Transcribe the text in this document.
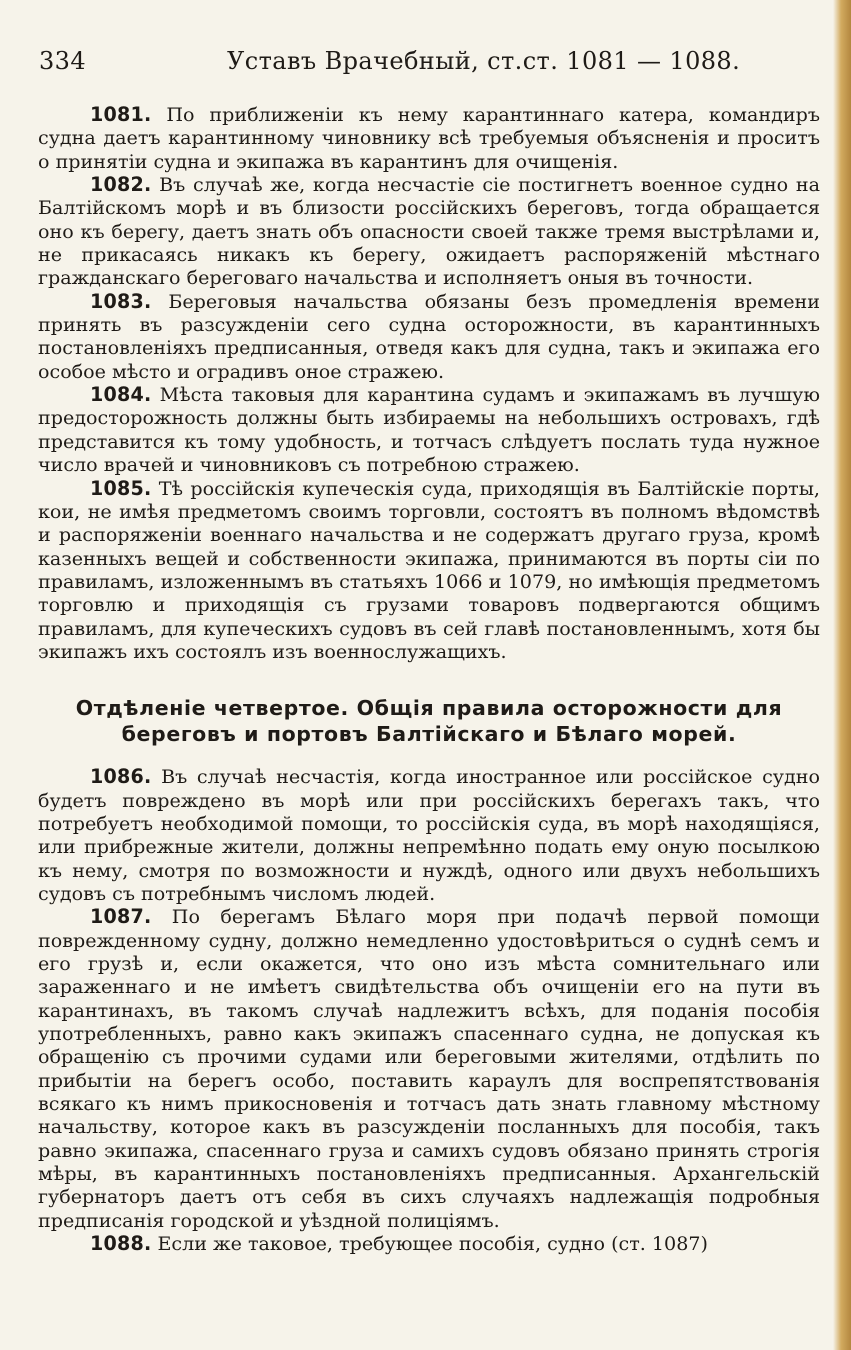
334	Уставъ Врачебный, ст.ст. 1081 — 1088.

1081. По приближеніи къ нему карантиннаго катера, командиръ судна даетъ карантинному чиновнику всѣ требуемыя объясненія и проситъ о принятіи судна и экипажа въ карантинъ для очищенія.

1082. Въ случаѣ же, когда несчастіе сіе постигнетъ военное судно на Балтійскомъ морѣ и въ близости россійскихъ береговъ, тогда обращается оно къ берегу, даетъ знать объ опасности своей также тремя выстрѣлами и, не прикасаясь никакъ къ берегу, ожидаетъ распоряженій мѣстнаго гражданскаго береговаго начальства и исполняетъ оныя въ точности.

1083. Береговыя начальства обязаны безъ промедленія времени принять въ разсужденіи сего судна осторожности, въ карантинныхъ постановленіяхъ предписанныя, отведя какъ для судна, такъ и экипажа его особое мѣсто и оградивъ оное стражею.

1084. Мѣста таковыя для карантина судамъ и экипажамъ въ лучшую предосторожность должны быть избираемы на небольшихъ островахъ, гдѣ представится къ тому удобность, и тотчасъ слѣдуетъ послать туда нужное число врачей и чиновниковъ съ потребною стражею.

1085. Тѣ россійскія купеческія суда, приходящія въ Балтійскіе порты, кои, не имѣя предметомъ своимъ торговли, состоятъ въ полномъ вѣдомствѣ и распоряженіи военнаго начальства и не содержатъ другаго груза, кромѣ казенныхъ вещей и собственности экипажа, принимаются въ порты сіи по правиламъ, изложеннымъ въ статьяхъ 1066 и 1079, но имѣющія предметомъ торговлю и приходящія съ грузами товаровъ подвергаются общимъ правиламъ, для купеческихъ судовъ въ сей главѣ постановленнымъ, хотя бы экипажъ ихъ состоялъ изъ военнослужащихъ.

Отдѣленіе четвертое. Общія правила осторожности для
береговъ и портовъ Балтійскаго и Бѣлаго морей.

1086. Въ случаѣ несчастія, когда иностранное или россійское судно будетъ повреждено въ морѣ или при россійскихъ берегахъ такъ, что потребуетъ необходимой помощи, то россійскія суда, въ морѣ находящіяся, или прибрежные жители, должны непремѣнно подать ему оную посылкою къ нему, смотря по возможности и нуждѣ, одного или двухъ небольшихъ судовъ съ потребнымъ числомъ людей.

1087. По берегамъ Бѣлаго моря при подачѣ первой помощи поврежденному судну, должно немедленно удостовѣриться о суднѣ семъ и его грузѣ и, если окажется, что оно изъ мѣста сомнительнаго или зараженнаго и не имѣетъ свидѣтельства объ очищеніи его на пути въ карантинахъ, въ такомъ случаѣ надлежитъ всѣхъ, для поданія пособія употребленныхъ, равно какъ экипажъ спасеннаго судна, не допуская къ обращенію съ прочими судами или береговыми жителями, отдѣлить по прибытіи на берегъ особо, поставить караулъ для воспрепятствованія всякаго къ нимъ прикосновенія и тотчасъ дать знать главному мѣстному начальству, которое какъ въ разсужденіи посланныхъ для пособія, такъ равно экипажа, спасеннаго груза и самихъ судовъ обязано принять строгія мѣры, въ карантинныхъ постановленіяхъ предписанныя. Архангельскій губернаторъ даетъ отъ себя въ сихъ случаяхъ надлежащія подробныя предписанія городской и уѣздной полиціямъ.

1088. Если же таковое, требующее пособія, судно (ст. 1087)
